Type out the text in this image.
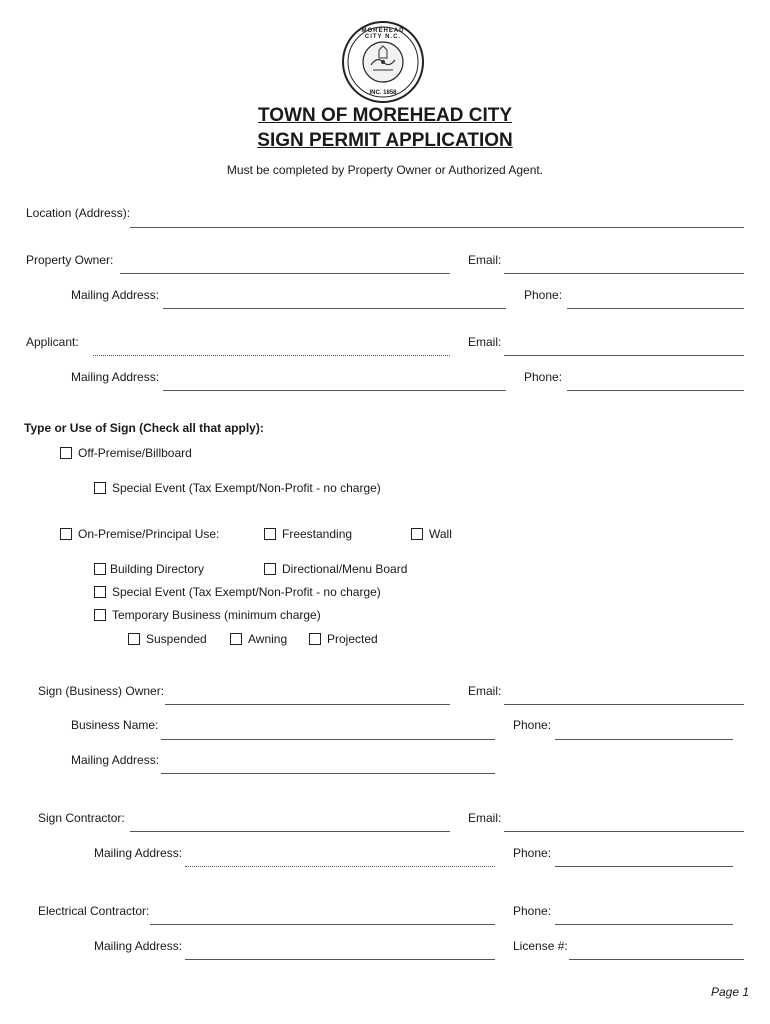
MOREHEAD CITY N.C.
INC. 1858
TOWN OF MOREHEAD CITY
SIGN PERMIT APPLICATION
Must be completed by Property Owner or Authorized Agent.
Location (Address):
Property Owner:	Email:
Mailing Address:	Phone:
Applicant:	Email:
Mailing Address:	Phone:
Type or Use of Sign (Check all that apply):
Off-Premise/Billboard
Special Event (Tax Exempt/Non-Profit - no charge)
On-Premise/Principal Use:	Freestanding	Wall
Building Directory	Directional/Menu Board
Special Event (Tax Exempt/Non-Profit - no charge)
Temporary Business (minimum charge)
Suspended	Awning	Projected
Sign (Business) Owner:	Email:
Business Name:	Phone:
Mailing Address:
Sign Contractor:	Email:
Mailing Address:	Phone:
Electrical Contractor:	Phone:
Mailing Address:	License #:
Page 1
